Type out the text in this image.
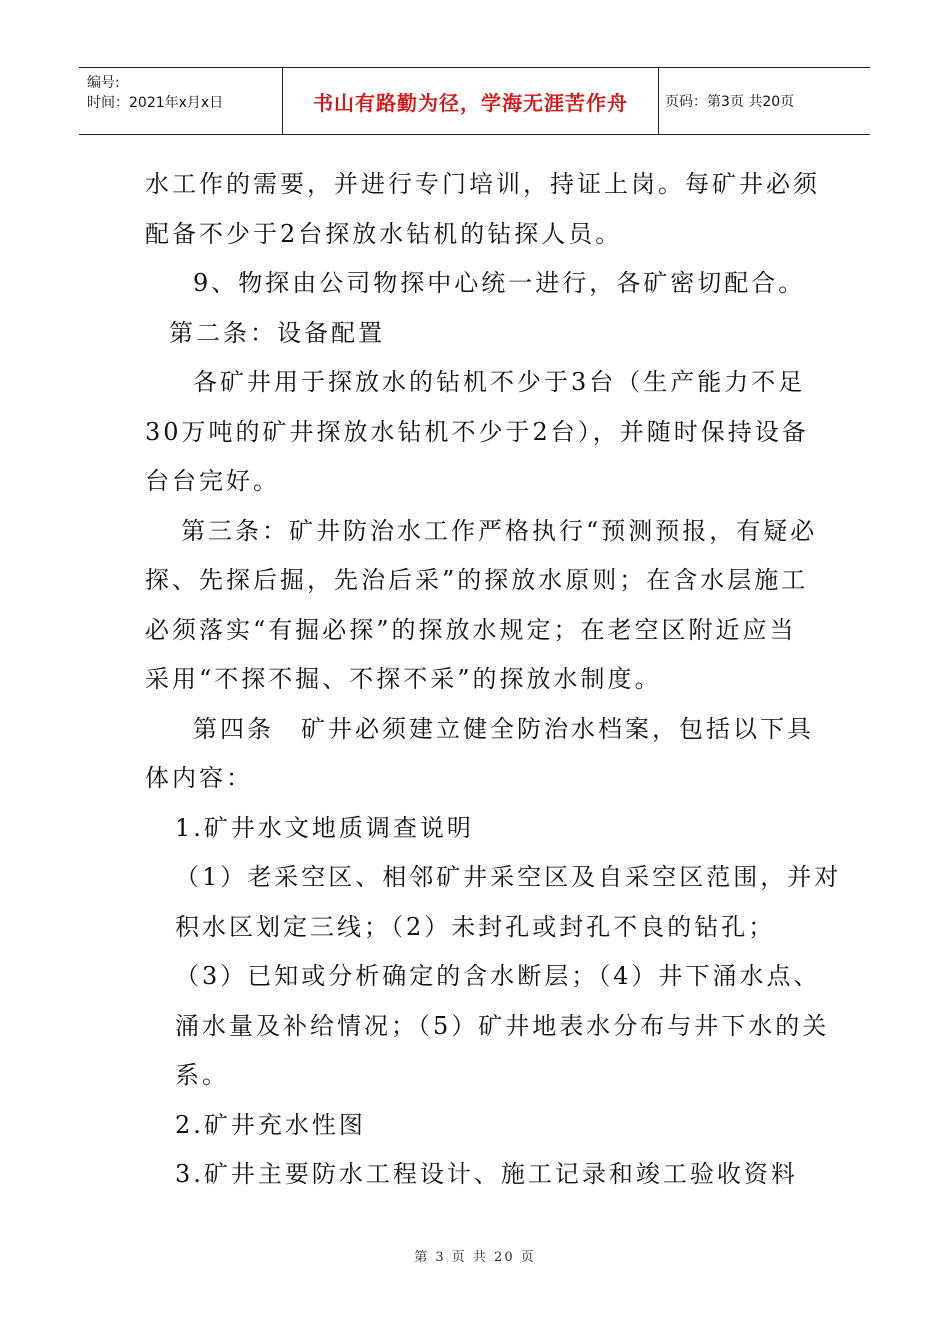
编号:
时间：2021年x月x日	书山有路勤为径，学海无涯苦作舟	页码：第3页 共20页

水工作的需要，并进行专门培训，持证上岗。每矿井必须

配备不少于2台探放水钻机的钻探人员。

9、物探由公司物探中心统一进行，各矿密切配合。

第二条：设备配置

各矿井用于探放水的钻机不少于3台（生产能力不足

30万吨的矿井探放水钻机不少于2台），并随时保持设备

台台完好。

第三条：矿井防治水工作严格执行“预测预报，有疑必

探、先探后掘，先治后采”的探放水原则；在含水层施工

必须落实“有掘必探”的探放水规定；在老空区附近应当

采用“不探不掘、不探不采”的探放水制度。

第四条　矿井必须建立健全防治水档案，包括以下具

体内容：

1.矿井水文地质调查说明

（1）老采空区、相邻矿井采空区及自采空区范围，并对

积水区划定三线；（2）未封孔或封孔不良的钻孔；

（3）已知或分析确定的含水断层；（4）井下涌水点、

涌水量及补给情况；（5）矿井地表水分布与井下水的关

系。

2.矿井充水性图

3.矿井主要防水工程设计、施工记录和竣工验收资料

第 3 页 共 20 页
